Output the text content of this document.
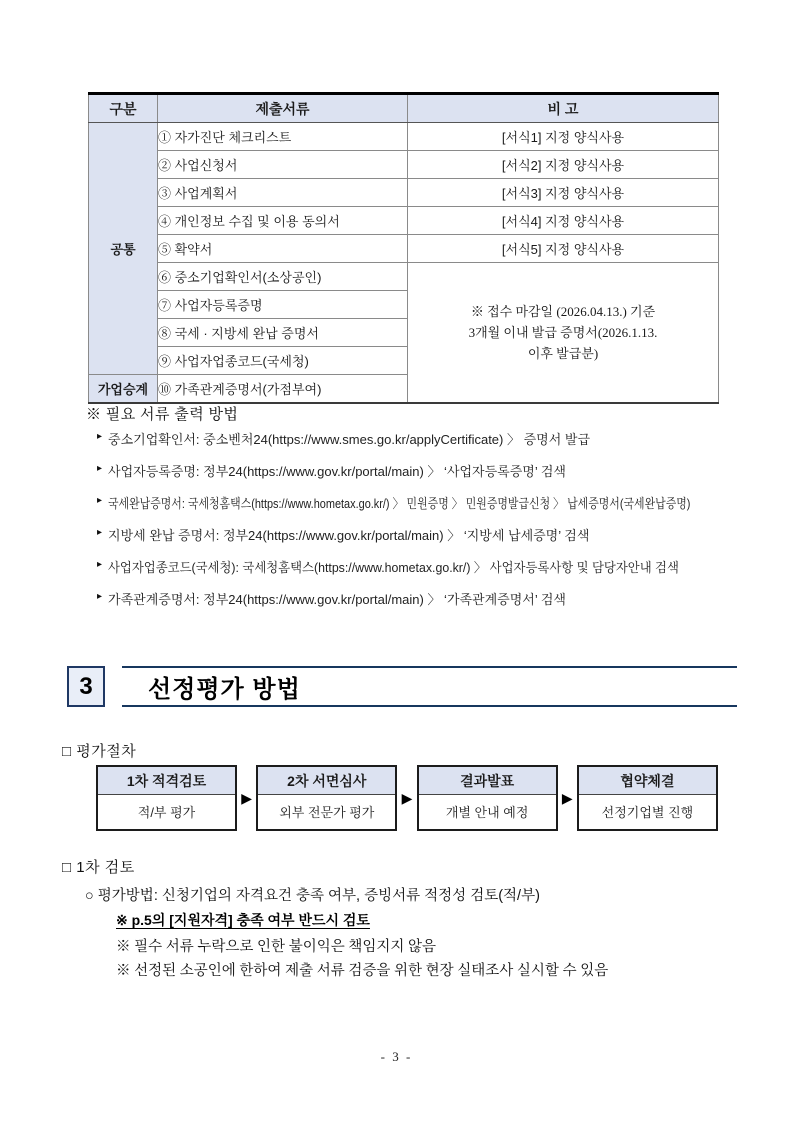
구분	제출서류	비 고
공통	① 자가진단 체크리스트	[서식1] 지정 양식사용
	② 사업신청서	[서식2] 지정 양식사용
	③ 사업계획서	[서식3] 지정 양식사용
	④ 개인정보 수집 및 이용 동의서	[서식4] 지정 양식사용
	⑤ 확약서	[서식5] 지정 양식사용
	⑥ 중소기업확인서(소상공인)	※ 접수 마감일 (2026.04.13.) 기준
3개월 이내 발급 증명서(2026.1.13.
이후 발급분)

	⑦ 사업자등록증명	
	⑧ 국세 · 지방세 완납 증명서	
	⑨ 사업자업종코드(국세청)	
가업승계	⑩ 가족관계증명서(가점부여)	
※ 필요 서류 출력 방법
▸ 중소기업확인서: 중소벤처24(https://www.smes.go.kr/applyCertificate) 〉 증명서 발급
▸ 사업자등록증명: 정부24(https://www.gov.kr/portal/main) 〉 ‘사업자등록증명’ 검색
▸ 국세완납증명서: 국세청홈택스(https://www.hometax.go.kr/) 〉 민원증명 〉 민원증명발급신청 〉 납세증명서(국세완납증명)
▸ 지방세 완납 증명서: 정부24(https://www.gov.kr/portal/main) 〉 ‘지방세 납세증명’ 검색
▸ 사업자업종코드(국세청): 국세청홈택스(https://www.hometax.go.kr/) 〉 사업자등록사항 및 담당자안내 검색
▸ 가족관계증명서: 정부24(https://www.gov.kr/portal/main) 〉 ‘가족관계증명서’ 검색
3	선정평가 방법
□ 평가절차
1차 적격검토
적/부 평가
▶
2차 서면심사
외부 전문가 평가
▶
결과발표
개별 안내 예정
▶
협약체결
선정기업별 진행
□ 1차 검토
○ 평가방법: 신청기업의 자격요건 충족 여부, 증빙서류 적정성 검토(적/부)
※ p.5의 [지원자격] 충족 여부 반드시 검토
※ 필수 서류 누락으로 인한 불이익은 책임지지 않음
※ 선정된 소공인에 한하여 제출 서류 검증을 위한 현장 실태조사 실시할 수 있음
- 3 -
